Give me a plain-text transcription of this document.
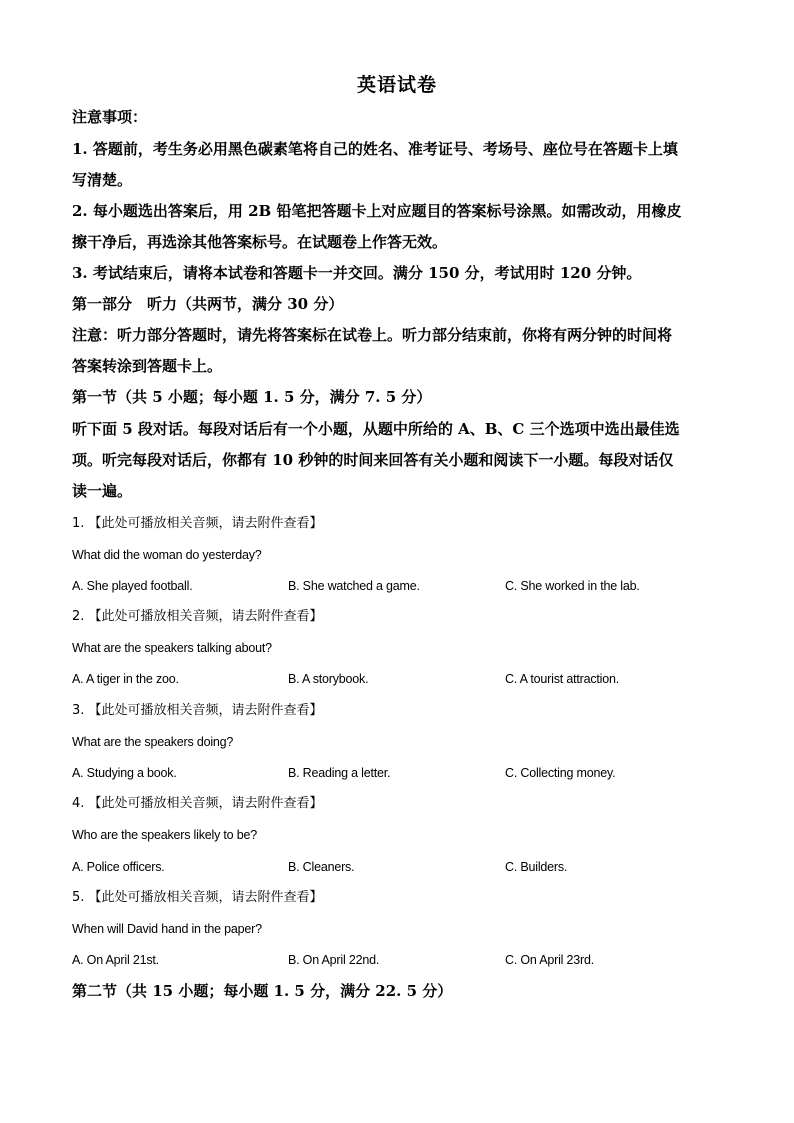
英语试卷
注意事项：
1. 答题前，考生务必用黑色碳素笔将自己的姓名、准考证号、考场号、座位号在答题卡上填
写清楚。
2. 每小题选出答案后，用 2B 铅笔把答题卡上对应题目的答案标号涂黑。如需改动，用橡皮
擦干净后，再选涂其他答案标号。在试题卷上作答无效。
3. 考试结束后，请将本试卷和答题卡一并交回。满分 150 分，考试用时 120 分钟。
第一部分　听力（共两节，满分 30 分）
注意：听力部分答题时，请先将答案标在试卷上。听力部分结束前，你将有两分钟的时间将
答案转涂到答题卡上。
第一节（共 5 小题；每小题 1. 5 分，满分 7. 5 分）
听下面 5 段对话。每段对话后有一个小题，从题中所给的 A、B、C 三个选项中选出最佳选
项。听完每段对话后，你都有 10 秒钟的时间来回答有关小题和阅读下一小题。每段对话仅
读一遍。
1. 【此处可播放相关音频，请去附件查看】
What did the woman do yesterday?
A. She played football.	B. She watched a game.	C. She worked in the lab.
2. 【此处可播放相关音频，请去附件查看】
What are the speakers talking about?
A. A tiger in the zoo.	B. A storybook.	C. A tourist attraction.
3. 【此处可播放相关音频，请去附件查看】
What are the speakers doing?
A. Studying a book.	B. Reading a letter.	C. Collecting money.
4. 【此处可播放相关音频，请去附件查看】
Who are the speakers likely to be?
A. Police officers.	B. Cleaners.	C. Builders.
5. 【此处可播放相关音频，请去附件查看】
When will David hand in the paper?
A. On April 21st.	B. On April 22nd.	C. On April 23rd.
第二节（共 15 小题；每小题 1. 5 分，满分 22. 5 分）
